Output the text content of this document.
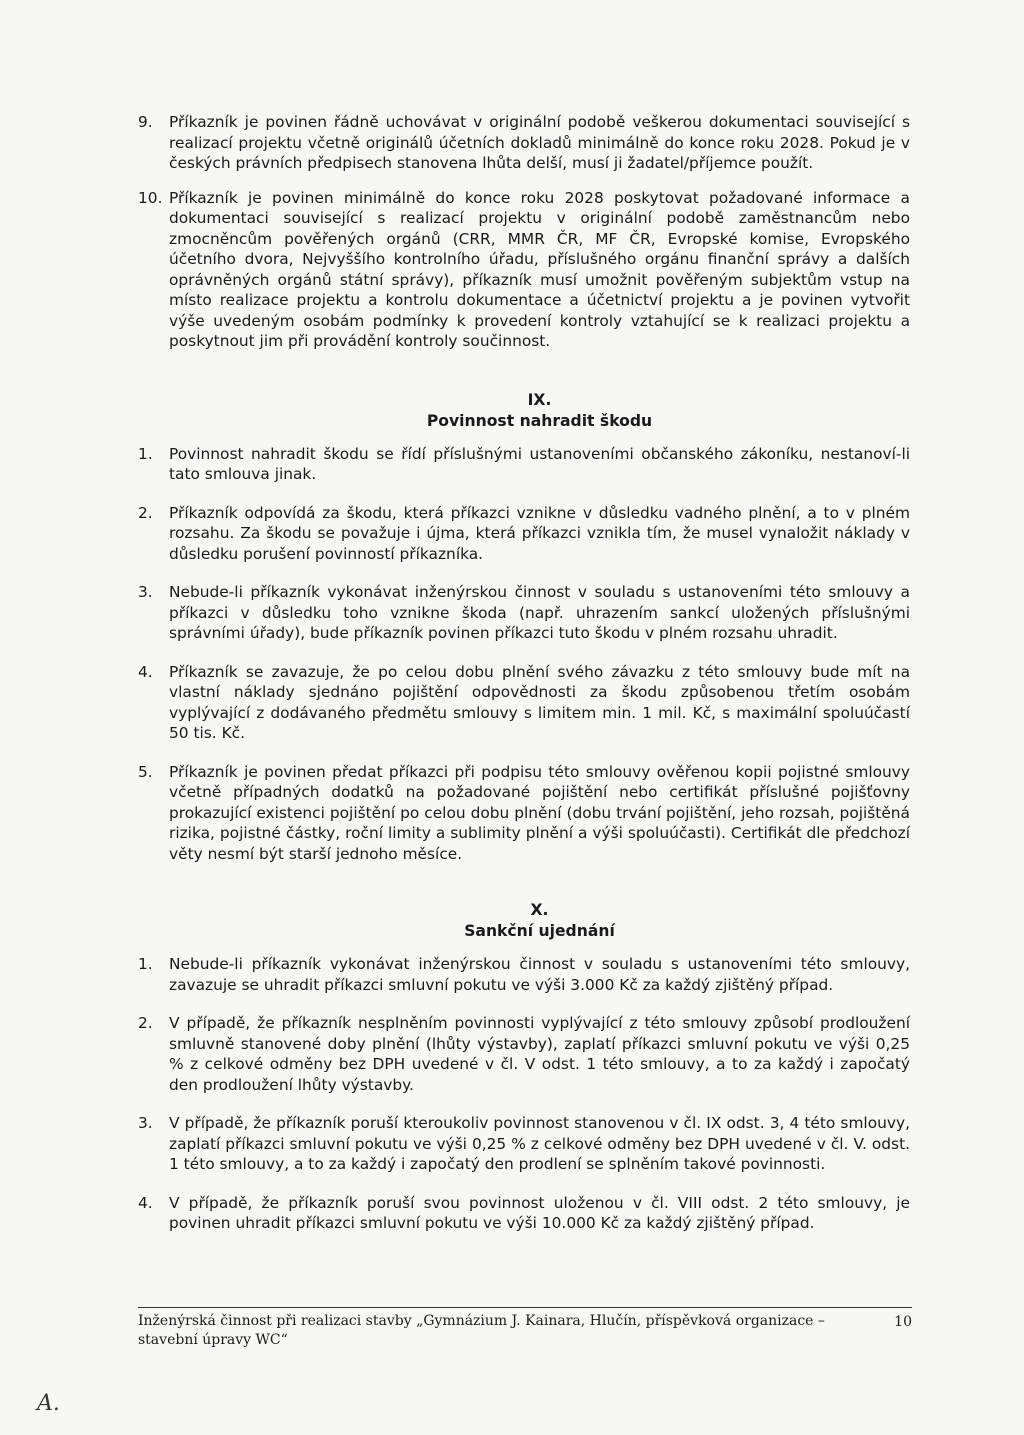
9. Příkazník je povinen řádně uchovávat v originální podobě veškerou dokumentaci související s realizací projektu včetně originálů účetních dokladů minimálně do konce roku 2028. Pokud je v českých právních předpisech stanovena lhůta delší, musí ji žadatel/příjemce použít.
10. Příkazník je povinen minimálně do konce roku 2028 poskytovat požadované informace a dokumentaci související s realizací projektu v originální podobě zaměstnancům nebo zmocněncům pověřených orgánů (CRR, MMR ČR, MF ČR, Evropské komise, Evropského účetního dvora, Nejvyššího kontrolního úřadu, příslušného orgánu finanční správy a dalších oprávněných orgánů státní správy), příkazník musí umožnit pověřeným subjektům vstup na místo realizace projektu a kontrolu dokumentace a účetnictví projektu a je povinen vytvořit výše uvedeným osobám podmínky k provedení kontroly vztahující se k realizaci projektu a poskytnout jim při provádění kontroly součinnost.
IX.
Povinnost nahradit škodu
1. Povinnost nahradit škodu se řídí příslušnými ustanoveními občanského zákoníku, nestanoví-li tato smlouva jinak.
2. Příkazník odpovídá za škodu, která příkazci vznikne v důsledku vadného plnění, a to v plném rozsahu. Za škodu se považuje i újma, která příkazci vznikla tím, že musel vynaložit náklady v důsledku porušení povinností příkazníka.
3. Nebude-li příkazník vykonávat inženýrskou činnost v souladu s ustanoveními této smlouvy a příkazci v důsledku toho vznikne škoda (např. uhrazením sankcí uložených příslušnými správními úřady), bude příkazník povinen příkazci tuto škodu v plném rozsahu uhradit.
4. Příkazník se zavazuje, že po celou dobu plnění svého závazku z této smlouvy bude mít na vlastní náklady sjednáno pojištění odpovědnosti za škodu způsobenou třetím osobám vyplývající z dodávaného předmětu smlouvy s limitem min. 1 mil. Kč, s maximální spoluúčastí 50 tis. Kč.
5. Příkazník je povinen předat příkazci při podpisu této smlouvy ověřenou kopii pojistné smlouvy včetně případných dodatků na požadované pojištění nebo certifikát příslušné pojišťovny prokazující existenci pojištění po celou dobu plnění (dobu trvání pojištění, jeho rozsah, pojištěná rizika, pojistné částky, roční limity a sublimity plnění a výši spoluúčasti). Certifikát dle předchozí věty nesmí být starší jednoho měsíce.
X.
Sankční ujednání
1. Nebude-li příkazník vykonávat inženýrskou činnost v souladu s ustanoveními této smlouvy, zavazuje se uhradit příkazci smluvní pokutu ve výši 3.000 Kč za každý zjištěný případ.
2. V případě, že příkazník nesplněním povinnosti vyplývající z této smlouvy způsobí prodloužení smluvně stanovené doby plnění (lhůty výstavby), zaplatí příkazci smluvní pokutu ve výši 0,25 % z celkové odměny bez DPH uvedené v čl. V odst. 1 této smlouvy, a to za každý i započatý den prodloužení lhůty výstavby.
3. V případě, že příkazník poruší kteroukoliv povinnost stanovenou v čl. IX odst. 3, 4 této smlouvy, zaplatí příkazci smluvní pokutu ve výši 0,25 % z celkové odměny bez DPH uvedené v čl. V. odst. 1 této smlouvy, a to za každý i započatý den prodlení se splněním takové povinnosti.
4. V případě, že příkazník poruší svou povinnost uloženou v čl. VIII odst. 2 této smlouvy, je povinen uhradit příkazci smluvní pokutu ve výši 10.000 Kč za každý zjištěný případ.
Inženýrská činnost při realizaci stavby „Gymnázium J. Kainara, Hlučín, příspěvková organizace – stavební úpravy WC“
10
A.
